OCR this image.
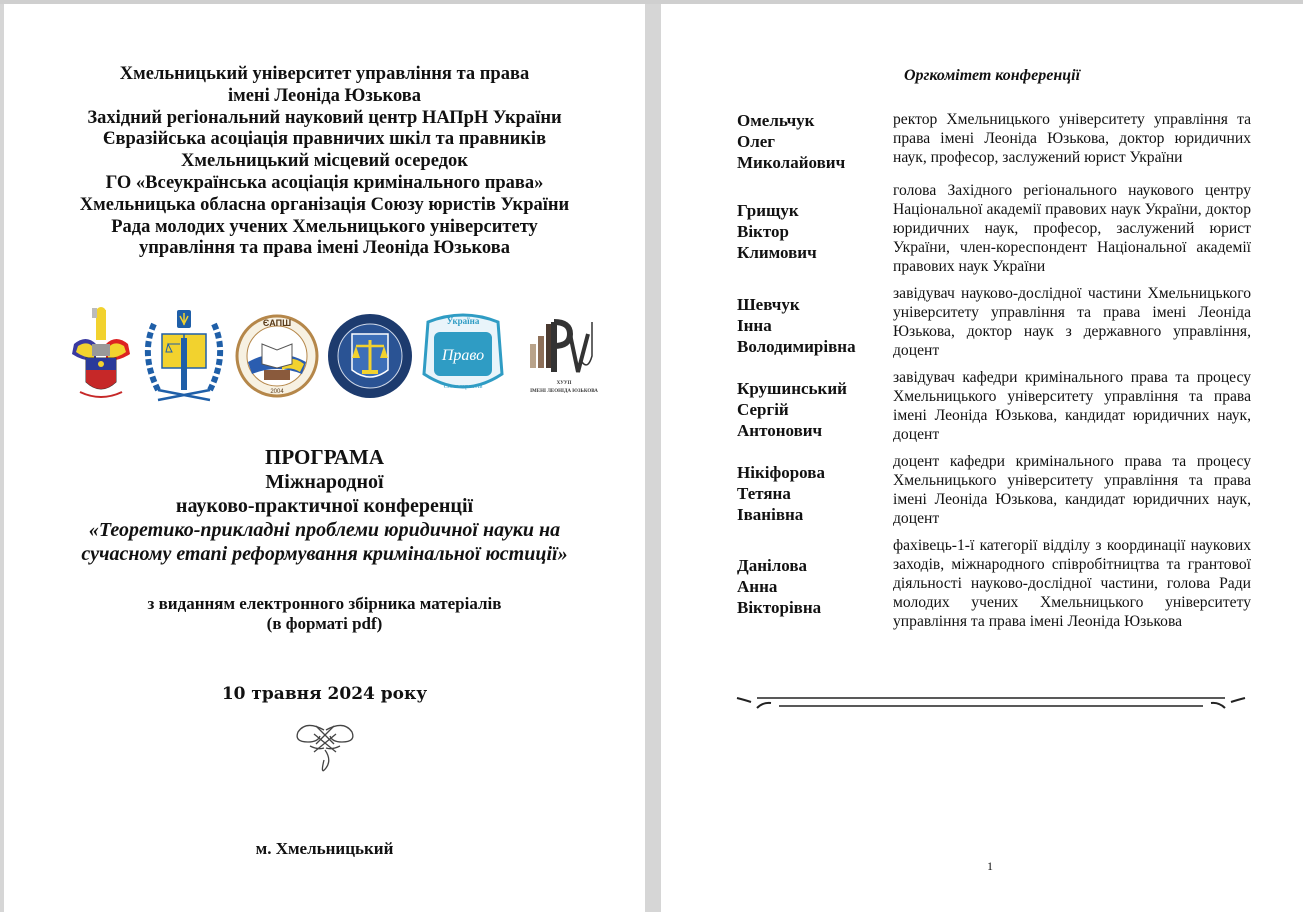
Хмельницький університет управління та права
імені Леоніда Юзькова
Західний регіональний науковий центр НАПрН України
Євразійська асоціація правничих шкіл та правників
Хмельницький місцевий осередок
ГО «Всеукраїнська асоціація кримінального права»
Хмельницька обласна організація Союзу юристів України
Рада молодих учених Хмельницького університету
управління та права імені Леоніда Юзькова
ЄАПШ
2004
Україна
Право
Союз юристів	ХУУП
ІМЕНІ ЛЕОНІДА ЮЗЬКОВА
ПРОГРАМА
Міжнародної
науково-практичної конференції
«Теоретико-прикладні проблеми юридичної науки на
сучасному етапі реформування кримінальної юстиції»
з виданням електронного збірника матеріалів
(в форматі pdf)
10 травня 2024 року
м. Хмельницький
Оргкомітет конференції
Омельчук
Олег
Миколайович
ректор Хмельницького університету управління та права імені Леоніда Юзькова, доктор юридичних наук, професор, заслужений юрист України
Грищук
Віктор
Климович
голова Західного регіонального наукового центру Національної академії правових наук України, доктор юридичних наук, професор, заслужений юрист України, член-кореспондент Національної академії правових наук України
Шевчук
Інна
Володимирівна
завідувач науково-дослідної частини Хмельницького університету управління та права імені Леоніда Юзькова, доктор наук з державного управління, доцент
Крушинський
Сергій
Антонович
завідувач кафедри кримінального права та процесу Хмельницького університету управління та права імені Леоніда Юзькова, кандидат юридичних наук, доцент
Нікіфорова
Тетяна
Іванівна
доцент кафедри кримінального права та процесу Хмельницького університету управління та права імені Леоніда Юзькова, кандидат юридичних наук, доцент
Данілова
Анна
Вікторівна
фахівець-1-ї категорії відділу з координації наукових заходів, міжнародного співробітництва та грантової діяльності науково-дослідної частини, голова Ради молодих учених Хмельницького університету управління та права імені Леоніда Юзькова
1
